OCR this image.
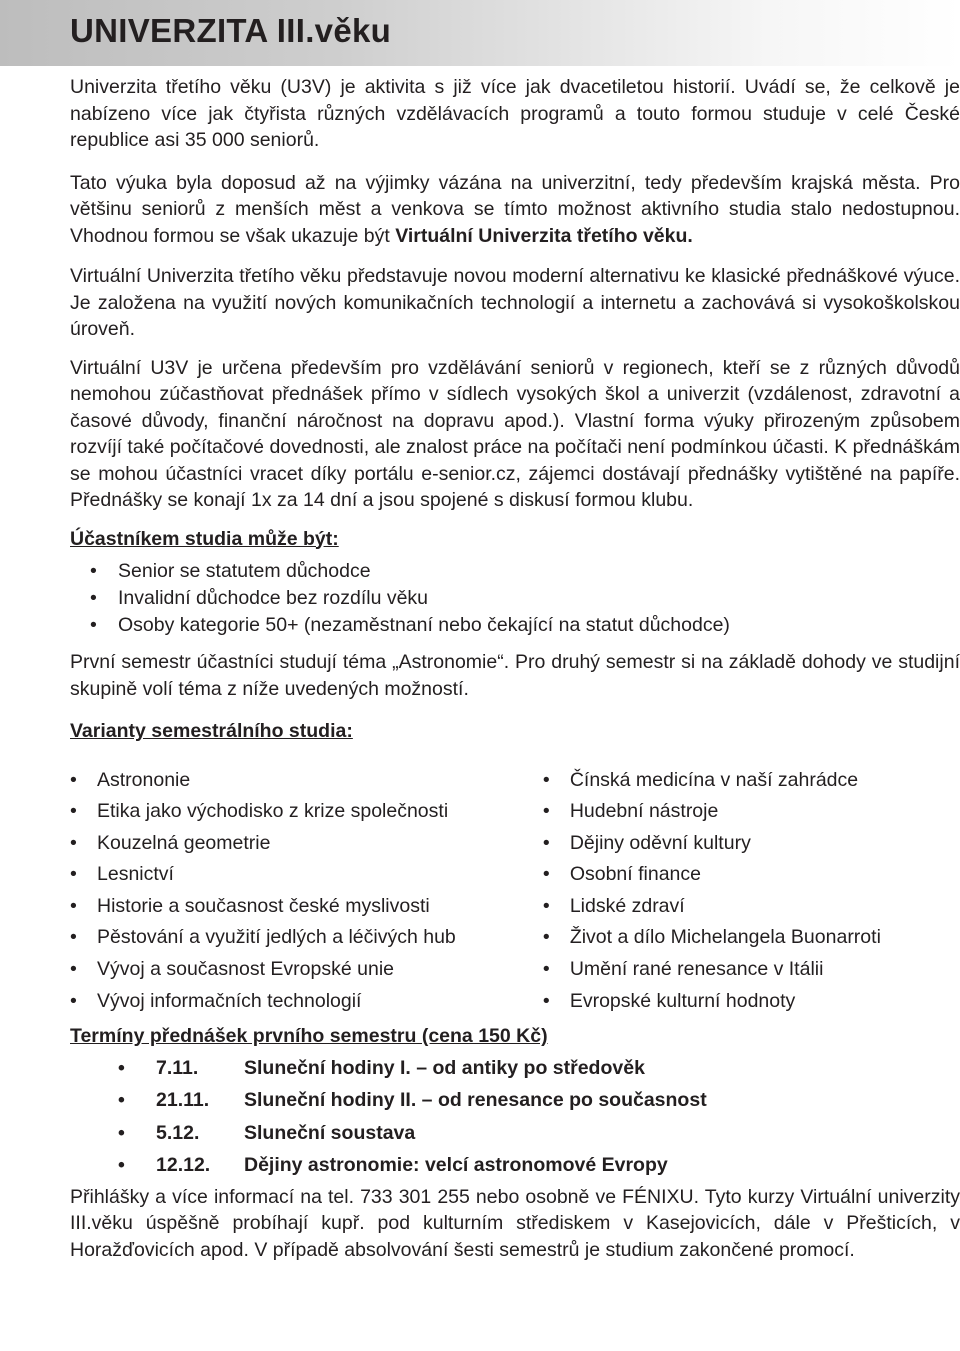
UNIVERZITA III.věku

Univerzita třetího věku (U3V) je aktivita s již více jak dvacetiletou historií. Uvádí se, že celkově je nabízeno více jak čtyřista různých vzdělávacích programů a touto formou studuje v celé České republice asi 35 000 seniorů.

Tato výuka byla doposud až na výjimky vázána na univerzitní, tedy především krajská města. Pro většinu seniorů z menších měst a venkova se tímto možnost aktivního studia stalo nedostupnou. Vhodnou formou se však ukazuje být Virtuální Univerzita třetího věku.

Virtuální Univerzita třetího věku představuje novou moderní alternativu ke klasické přednáškové výuce. Je založena na využití nových komunikačních technologií a internetu a zachovává si vysokoškolskou úroveň.

Virtuální U3V je určena především pro vzdělávání seniorů v regionech, kteří se z různých důvodů nemohou zúčastňovat přednášek přímo v sídlech vysokých škol a univerzit (vzdálenost, zdravotní a časové důvody, finanční náročnost na dopravu apod.). Vlastní forma výuky přirozeným způsobem rozvíjí také počítačové dovednosti, ale znalost práce na počítači není podmínkou účasti. K přednáškám se mohou účastníci vracet díky portálu e-senior.cz, zájemci dostávají přednášky vytištěné na papíře. Přednášky se konají 1x za 14 dní a jsou spojené s diskusí formou klubu.

Účastníkem studia může být:

• Senior se statutem důchodce
• Invalidní důchodce bez rozdílu věku
• Osoby kategorie 50+ (nezaměstnaní nebo čekající na statut důchodce)

První semestr účastníci studují téma „Astronomie“. Pro druhý semestr si na základě dohody ve studijní skupině volí téma z níže uvedených možností.

Varianty semestrálního studia:

• Astrononie
• Etika jako východisko z krize společnosti
• Kouzelná geometrie
• Lesnictví
• Historie a současnost české myslivosti
• Pěstování a využití jedlých a léčivých hub
• Vývoj a současnost Evropské unie
• Vývoj informačních technologií
• Čínská medicína v naší zahrádce
• Hudební nástroje
• Dějiny oděvní kultury
• Osobní finance
• Lidské zdraví
• Život a dílo Michelangela Buonarroti
• Umění rané renesance v Itálii
• Evropské kulturní hodnoty

Termíny přednášek prvního semestru (cena 150 Kč)

• 7.11.	Sluneční hodiny I. – od antiky po středověk
• 21.11.	Sluneční hodiny II. – od renesance po současnost
• 5.12.	Sluneční soustava
• 12.12.	Dějiny astronomie: velcí astronomové Evropy

Přihlášky a více informací na tel. 733 301 255 nebo osobně ve FÉNIXU. Tyto kurzy Virtuální univerzity III.věku úspěšně probíhají kupř. pod kulturním střediskem v Kasejovicích, dále v Přešticích, v Horažďovicích apod. V případě absolvování šesti semestrů je studium zakončené promocí.
